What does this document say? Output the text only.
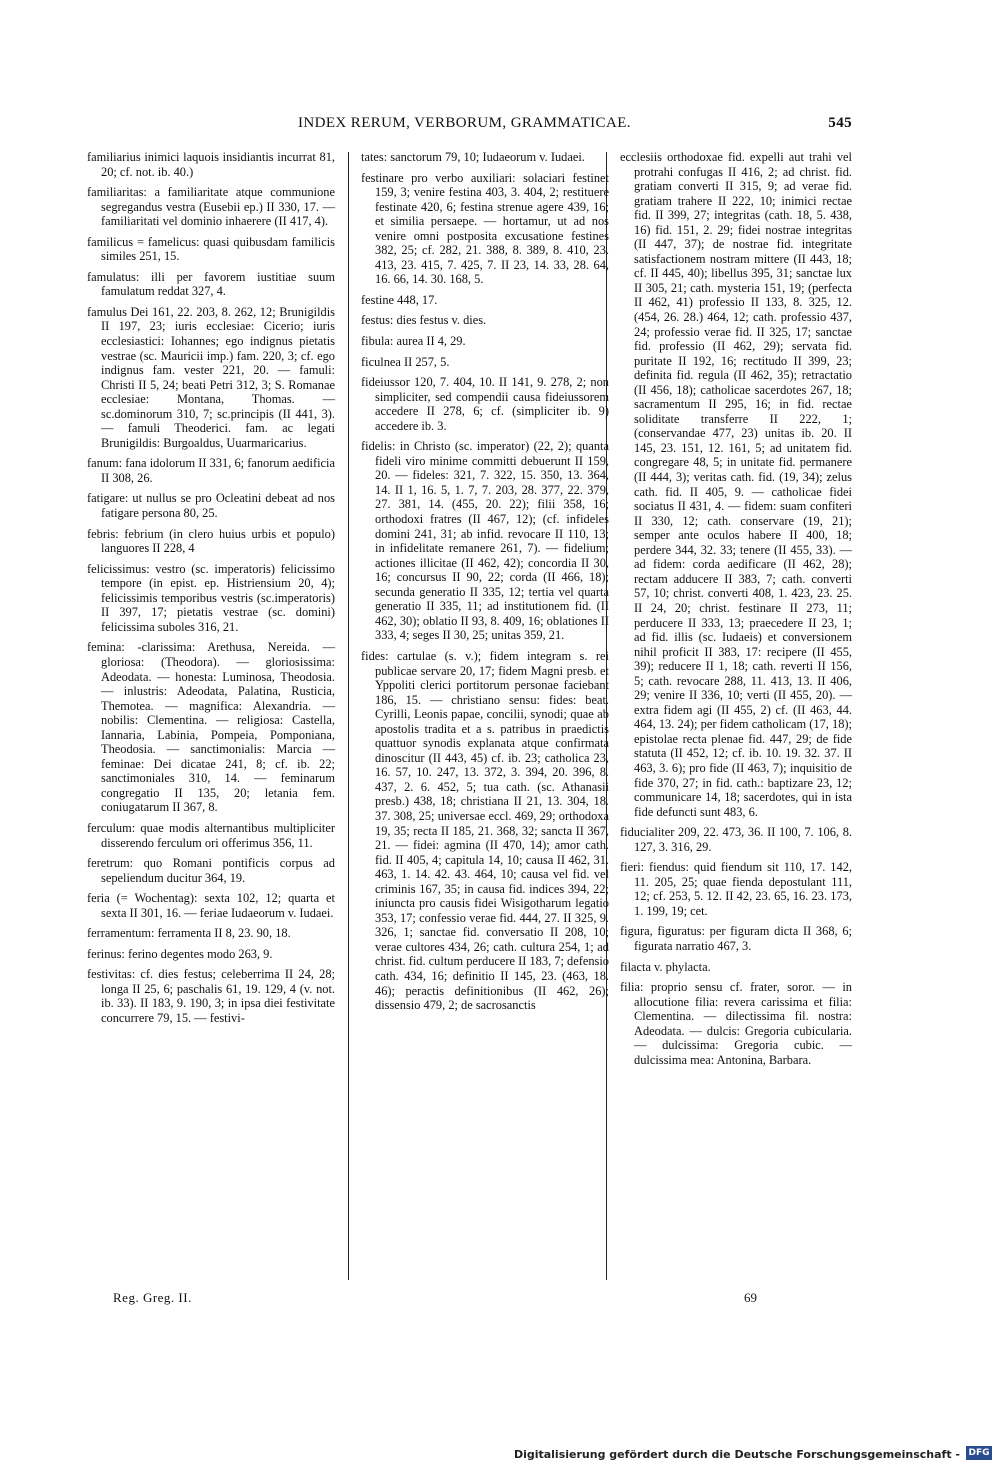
INDEX RERUM, VERBORUM, GRAMMATICAE.	545

familiarius inimici laquois insidiantis incurrat 81, 20; cf. not. ib. 40.)

familiaritas: a familiaritate atque communione segregandus vestra (Eusebii ep.) II 330, 17. — familiaritati vel dominio inhaerere (II 417, 4).

familicus = famelicus: quasi quibusdam familicis similes 251, 15.

famulatus: illi per favorem iustitiae suum famulatum reddat 327, 4.

famulus Dei 161, 22. 203, 8. 262, 12; Brunigildis II 197, 23; iuris ecclesiae: Cicerio; iuris ecclesiastici: Iohannes; ego indignus pietatis vestrae (sc. Mauricii imp.) fam. 220, 3; cf. ego indignus fam. vester 221, 20. — famuli: Christi II 5, 24; beati Petri 312, 3; S. Romanae ecclesiae: Montana, Thomas. — sc.dominorum 310, 7; sc.principis (II 441, 3). — famuli Theoderici. fam. ac legati Brunigildis: Burgoaldus, Uuarmaricarius.

fanum: fana idolorum II 331, 6; fanorum aedificia II 308, 26.

fatigare: ut nullus se pro Ocleatini debeat ad nos fatigare persona 80, 25.

febris: febrium (in clero huius urbis et populo) languores II 228, 4

felicissimus: vestro (sc. imperatoris) felicissimo tempore (in epist. ep. Histriensium 20, 4); felicissimis temporibus vestris (sc.imperatoris) II 397, 17; pietatis vestrae (sc. domini) felicissima suboles 316, 21.

femina: -clarissima: Arethusa, Nereida. — gloriosa: (Theodora). — gloriosissima: Adeodata. — honesta: Luminosa, Theodosia. — inlustris: Adeodata, Palatina, Rusticia, Themotea. — magnifica: Alexandria. — nobilis: Clementina. — religiosa: Castella, Iannaria, Labinia, Pompeia, Pomponiana, Theodosia. — sanctimonialis: Marcia — feminae: Dei dicatae 241, 8; cf. ib. 22; sanctimoniales 310, 14. — feminarum congregatio II 135, 20; letania fem. coniugatarum II 367, 8.

ferculum: quae modis alternantibus multipliciter disserendo ferculum ori offerimus 356, 11.

feretrum: quo Romani pontificis corpus ad sepeliendum ducitur 364, 19.

feria (= Wochentag): sexta 102, 12; quarta et sexta II 301, 16. — feriae Iudaeorum v. Iudaei.

ferramentum: ferramenta II 8, 23. 90, 18.

ferinus: ferino degentes modo 263, 9.

festivitas: cf. dies festus; celeberrima II 24, 28; longa II 25, 6; paschalis 61, 19. 129, 4 (v. not. ib. 33). II 183, 9. 190, 3; in ipsa diei festivitate concurrere 79, 15. — festivi-

tates: sanctorum 79, 10; Iudaeorum v. Iudaei.

festinare pro verbo auxiliari: solaciari festinet 159, 3; venire festina 403, 3. 404, 2; restituere festinate 420, 6; festina strenue agere 439, 16; et similia persaepe. — hortamur, ut ad nos venire omni postposita excusatione festines 382, 25; cf. 282, 21. 388, 8. 389, 8. 410, 23. 413, 23. 415, 7. 425, 7. II 23, 14. 33, 28. 64, 16. 66, 14. 30. 168, 5.

festine 448, 17.

festus: dies festus v. dies.

fibula: aurea II 4, 29.

ficulnea II 257, 5.

fideiussor 120, 7. 404, 10. II 141, 9. 278, 2; non simpliciter, sed compendii causa fideiussorem accedere II 278, 6; cf. (simpliciter ib. 9) accedere ib. 3.

fidelis: in Christo (sc. imperator) (22, 2); quanta fideli viro minime committi debuerunt II 159, 20. — fideles: 321, 7. 322, 15. 350, 13. 364, 14. II 1, 16. 5, 1. 7, 7. 203, 28. 377, 22. 379, 27. 381, 14. (455, 20. 22); filii 358, 16; orthodoxi fratres (II 467, 12); (cf. infideles domini 241, 31; ab infid. revocare II 110, 13; in infidelitate remanere 261, 7). — fidelium; actiones illicitae (II 462, 42); concordia II 30, 16; concursus II 90, 22; corda (II 466, 18); secunda generatio II 335, 12; tertia vel quarta generatio II 335, 11; ad institutionem fid. (II 462, 30); oblatio II 93, 8. 409, 16; oblationes II 333, 4; seges II 30, 25; unitas 359, 21.

fides: cartulae (s. v.); fidem integram s. rei publicae servare 20, 17; fidem Magni presb. et Yppoliti clerici portitorum personae faciebant 186, 15. — christiano sensu: fides: beat. Cyrilli, Leonis papae, concilii, synodi; quae ab apostolis tradita et a s. patribus in praedictis quattuor synodis explanata atque confirmata dinoscitur (II 443, 45) cf. ib. 23; catholica 23, 16. 57, 10. 247, 13. 372, 3. 394, 20. 396, 8. 437, 2. 6. 452, 5; tua cath. (sc. Athanasii presb.) 438, 18; christiana II 21, 13. 304, 18. 37. 308, 25; universae eccl. 469, 29; orthodoxa 19, 35; recta II 185, 21. 368, 32; sancta II 367, 21. — fidei: agmina (II 470, 14); amor cath. fid. II 405, 4; capitula 14, 10; causa II 462, 31. 463, 1. 14. 42. 43. 464, 10; causa vel fid. vel criminis 167, 35; in causa fid. indices 394, 22; iniuncta pro causis fidei Wisigotharum legatio 353, 17; confessio verae fid. 444, 27. II 325, 9. 326, 1; sanctae fid. conversatio II 208, 10; verae cultores 434, 26; cath. cultura 254, 1; ad christ. fid. cultum perducere II 183, 7; defensio cath. 434, 16; definitio II 145, 23. (463, 18. 46); peractis definitionibus (II 462, 26); dissensio 479, 2; de sacrosanctis

ecclesiis orthodoxae fid. expelli aut trahi vel protrahi confugas II 416, 2; ad christ. fid. gratiam converti II 315, 9; ad verae fid. gratiam trahere II 222, 10; inimici rectae fid. II 399, 27; integritas (cath. 18, 5. 438, 16) fid. 151, 2. 29; fidei nostrae integritas (II 447, 37); de nostrae fid. integritate satisfactionem nostram mittere (II 443, 18; cf. II 445, 40); libellus 395, 31; sanctae lux II 305, 21; cath. mysteria 151, 19; (perfecta II 462, 41) professio II 133, 8. 325, 12. (454, 26. 28.) 464, 12; cath. professio 437, 24; professio verae fid. II 325, 17; sanctae fid. professio (II 462, 29); servata fid. puritate II 192, 16; rectitudo II 399, 23; definita fid. regula (II 462, 35); retractatio (II 456, 18); catholicae sacerdotes 267, 18; sacramentum II 295, 16; in fid. rectae soliditate transferre II 222, 1; (conservandae 477, 23) unitas ib. 20. II 145, 23. 151, 12. 161, 5; ad unitatem fid. congregare 48, 5; in unitate fid. permanere (II 444, 3); veritas cath. fid. (19, 34); zelus cath. fid. II 405, 9. — catholicae fidei sociatus II 431, 4. — fidem: suam confiteri II 330, 12; cath. conservare (19, 21); semper ante oculos habere II 400, 18; perdere 344, 32. 33; tenere (II 455, 33). — ad fidem: corda aedificare (II 462, 28); rectam adducere II 383, 7; cath. converti 57, 10; christ. converti 408, 1. 423, 23. 25. II 24, 20; christ. festinare II 273, 11; perducere II 333, 13; praecedere II 23, 1; ad fid. illis (sc. Iudaeis) et conversionem nihil proficit II 383, 17: recipere (II 455, 39); reducere II 1, 18; cath. reverti II 156, 5; cath. revocare 288, 11. 413, 13. II 406, 29; venire II 336, 10; verti (II 455, 20). — extra fidem agi (II 455, 2) cf. (II 463, 44. 464, 13. 24); per fidem catholicam (17, 18); epistolae recta plenae fid. 447, 29; de fide statuta (II 452, 12; cf. ib. 10. 19. 32. 37. II 463, 3. 6); pro fide (II 463, 7); inquisitio de fide 370, 27; in fid. cath.: baptizare 23, 12; communicare 14, 18; sacerdotes, qui in ista fide defuncti sunt 483, 6.

fiducialiter 209, 22. 473, 36. II 100, 7. 106, 8. 127, 3. 316, 29.

fieri: fiendus: quid fiendum sit 110, 17. 142, 11. 205, 25; quae fienda depostulant 111, 12; cf. 253, 5. 12. II 42, 23. 65, 16. 23. 173, 1. 199, 19; cet.

figura, figuratus: per figuram dicta II 368, 6; figurata narratio 467, 3.

filacta v. phylacta.

filia: proprio sensu cf. frater, soror. — in allocutione filia: revera carissima et filia: Clementina. — dilectissima fil. nostra: Adeodata. — dulcis: Gregoria cubicularia. — dulcissima: Gregoria cubic. — dulcissima mea: Antonina, Barbara.

Reg. Greg. II.	69
Digitalisierung gefördert durch die Deutsche Forschungsgemeinschaft - DFG
